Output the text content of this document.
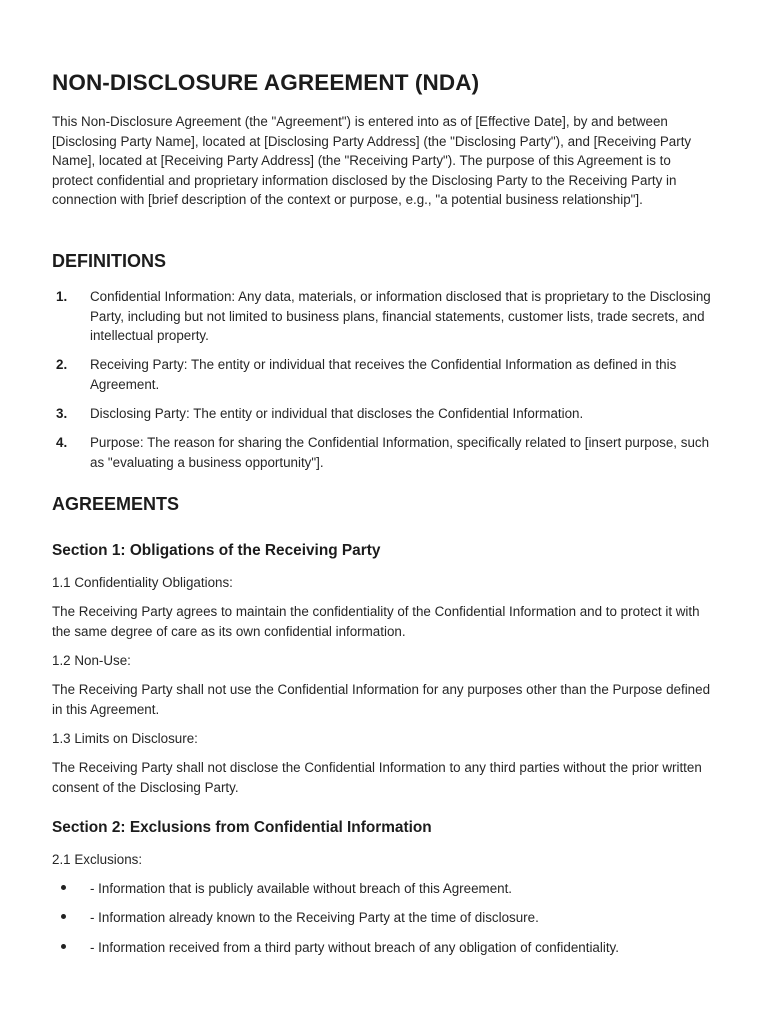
NON-DISCLOSURE AGREEMENT (NDA)

This Non-Disclosure Agreement (the "Agreement") is entered into as of [Effective Date], by and between [Disclosing Party Name], located at [Disclosing Party Address] (the "Disclosing Party"), and [Receiving Party Name], located at [Receiving Party Address] (the "Receiving Party"). The purpose of this Agreement is to protect confidential and proprietary information disclosed by the Disclosing Party to the Receiving Party in connection with [brief description of the context or purpose, e.g., "a potential business relationship"].

DEFINITIONS
1. Confidential Information: Any data, materials, or information disclosed that is proprietary to the Disclosing Party, including but not limited to business plans, financial statements, customer lists, trade secrets, and intellectual property.
2. Receiving Party: The entity or individual that receives the Confidential Information as defined in this Agreement.
3. Disclosing Party: The entity or individual that discloses the Confidential Information.
4. Purpose: The reason for sharing the Confidential Information, specifically related to [insert purpose, such as "evaluating a business opportunity"].
AGREEMENTS
Section 1: Obligations of the Receiving Party

1.1 Confidentiality Obligations:

The Receiving Party agrees to maintain the confidentiality of the Confidential Information and to protect it with the same degree of care as its own confidential information.

1.2 Non-Use:

The Receiving Party shall not use the Confidential Information for any purposes other than the Purpose defined in this Agreement.

1.3 Limits on Disclosure:

The Receiving Party shall not disclose the Confidential Information to any third parties without the prior written consent of the Disclosing Party.

Section 2: Exclusions from Confidential Information

2.1 Exclusions:

- Information that is publicly available without breach of this Agreement.
- Information already known to the Receiving Party at the time of disclosure.
- Information received from a third party without breach of any obligation of confidentiality.
